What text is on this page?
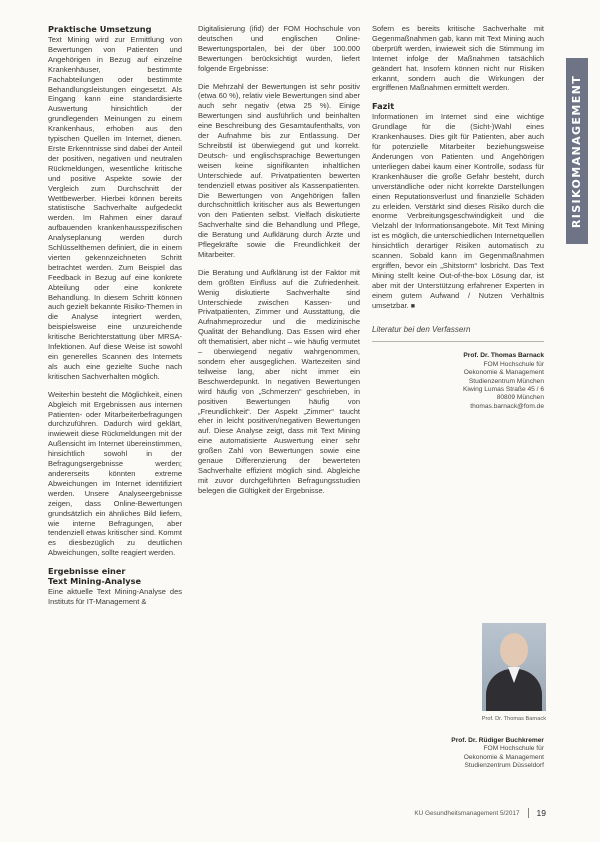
Praktische Umsetzung

Text Mining wird zur Ermittlung von Bewertungen von Patienten und Angehörigen in Bezug auf einzelne Krankenhäuser, bestimmte Fachabteilungen oder bestimmte Behandlungsleistungen eingesetzt. Als Eingang kann eine standardisierte Auswertung hinsichtlich der grundlegenden Meinungen zu einem Krankenhaus, erhoben aus den typischen Quellen im Internet, dienen. Erste Erkenntnisse sind dabei der Anteil der positiven, negativen und neutralen Rückmeldungen, wesentliche kritische und positive Aspekte sowie der Vergleich zum Durchschnitt der Wettbewerber. Hierbei können bereits statistische Sachverhalte aufgedeckt werden. Im Rahmen einer darauf aufbauenden krankenhausspezifischen Analyseplanung werden durch Schlüsselthemen definiert, die in einem vierten gekennzeichneten Schritt betrachtet werden. Zum Beispiel das Feedback in Bezug auf eine konkrete Abteilung oder eine konkrete Behandlung. In diesem Schritt können auch gezielt bekannte Risiko-Themen in die Analyse integriert werden, beispielsweise eine unzureichende kritische Berichterstattung über MRSA-Infektionen. Auf diese Weise ist sowohl ein generelles Scannen des Internets als auch eine gezielte Suche nach kritischen Sachverhalten möglich.

Weiterhin besteht die Möglichkeit, einen Abgleich mit Ergebnissen aus internen Patienten- oder Mitarbeiterbefragungen durchzuführen. Dadurch wird geklärt, inwieweit diese Rückmeldungen mit der Außensicht im Internet übereinstimmen, hinsichtlich sowohl in der Befragungsergebnisse werden; andererseits könnten extreme Abweichungen im Internet identifiziert werden. Unsere Analyseergebnisse zeigen, dass Online-Bewertungen grundsätzlich ein ähnliches Bild liefern, wie interne Befragungen, aber tendenziell etwas kritischer sind. Kommt es diesbezüglich zu deutlichen Abweichungen, sollte reagiert werden.

Ergebnisse einer
Text Mining-Analyse

Eine aktuelle Text Mining-Analyse des Instituts für IT-Management &

Digitalisierung (ifid) der FOM Hochschule von deutschen und englischen Online-Bewertungsportalen, bei der über 100.000 Bewertungen berücksichtigt wurden, liefert folgende Ergebnisse:

Die Mehrzahl der Bewertungen ist sehr positiv (etwa 60 %), relativ viele Bewertungen sind aber auch sehr negativ (etwa 25 %). Einige Bewertungen sind ausführlich und beinhalten eine Beschreibung des Gesamtaufenthalts, von der Aufnahme bis zur Entlassung. Der Schreibstil ist überwiegend gut und korrekt. Deutsch- und englischsprachige Bewertungen weisen keine signifikanten inhaltlichen Unterschiede auf. Privatpatienten bewerten tendenziell etwas positiver als Kassenpatienten. Die Bewertungen von Angehörigen fallen durchschnittlich kritischer aus als Bewertungen von den Patienten selbst. Vielfach diskutierte Sachverhalte sind die Behandlung und Pflege, die Beratung und Aufklärung durch Ärzte und Pflegekräfte sowie die Freundlichkeit der Mitarbeiter.

Die Beratung und Aufklärung ist der Faktor mit dem größten Einfluss auf die Zufriedenheit. Wenig diskutierte Sachverhalte sind Unterschiede zwischen Kassen- und Privatpatienten, Zimmer und Ausstattung, die Aufnahmeprozedur und die medizinische Qualität der Behandlung. Das Essen wird eher oft thematisiert, aber nicht – wie häufig vermutet – überwiegend negativ wahrgenommen, sondern eher ausgeglichen. Wartezeiten sind teilweise lang, aber nicht immer ein Beschwerdepunkt. In negativen Bewertungen wird häufig von „Schmerzen“ geschrieben, in positiven Bewertungen häufig von „Freundlichkeit“. Der Aspekt „Zimmer“ taucht eher in leicht positiven/negativen Bewertungen auf. Diese Analyse zeigt, dass mit Text Mining eine automatisierte Auswertung einer sehr großen Zahl von Bewertungen sowie eine genaue Differenzierung der bewerteten Sachverhalte effizient möglich sind. Abgleiche mit zuvor durchgeführten Befragungsstudien belegen die Gültigkeit der Ergebnisse.

Sofern es bereits kritische Sachverhalte mit Gegenmaßnahmen gab, kann mit Text Mining auch überprüft werden, inwieweit sich die Stimmung im Internet infolge der Maßnahmen tatsächlich geändert hat. Insofern können nicht nur Risiken erkannt, sondern auch die Wirkungen der ergriffenen Maßnahmen ermittelt werden.

Fazit

Informationen im Internet sind eine wichtige Grundlage für die (Sicht-)Wahl eines Krankenhauses. Dies gilt für Patienten, aber auch für potenzielle Mitarbeiter beziehungsweise Änderungen von Patienten und Angehörigen unterliegen dabei kaum einer Kontrolle, sodass für Krankenhäuser die große Gefahr besteht, durch unverständliche oder nicht korrekte Darstellungen einen Reputationsverlust und finanzielle Schäden zu erleiden. Verstärkt sind dieses Risiko durch die enorme Verbreitungsgeschwindigkeit und die Vielzahl der Informationsangebote. Mit Text Mining ist es möglich, die unterschiedlichen Internetquellen hinsichtlich derartiger Risiken automatisch zu scannen. Sobald kann im Gegenmaßnahmen ergriffen, bevor ein „Shitstorm“ losbricht. Das Text Mining stellt keine Out-of-the-box Lösung dar, ist aber mit der Unterstützung erfahrener Experten in einem gutem Aufwand / Nutzen Verhältnis umsetzbar. ■

Literatur bei den Verfassern
Prof. Dr. Thomas Barnack
FOM Hochschule für
Oekonomie & Management
Studienzentrum München
Kiwing Lumas Straße 45 / 6
80809 München
thomas.barnack@fom.de
Prof. Dr. Thomas Barnack
Prof. Dr. Rüdiger Buchkremer
FOM Hochschule für
Oekonomie & Management
Studienzentrum Düsseldorf
RISIKOMANAGEMENT
KU Gesundheitsmanagement 5/2017 19
